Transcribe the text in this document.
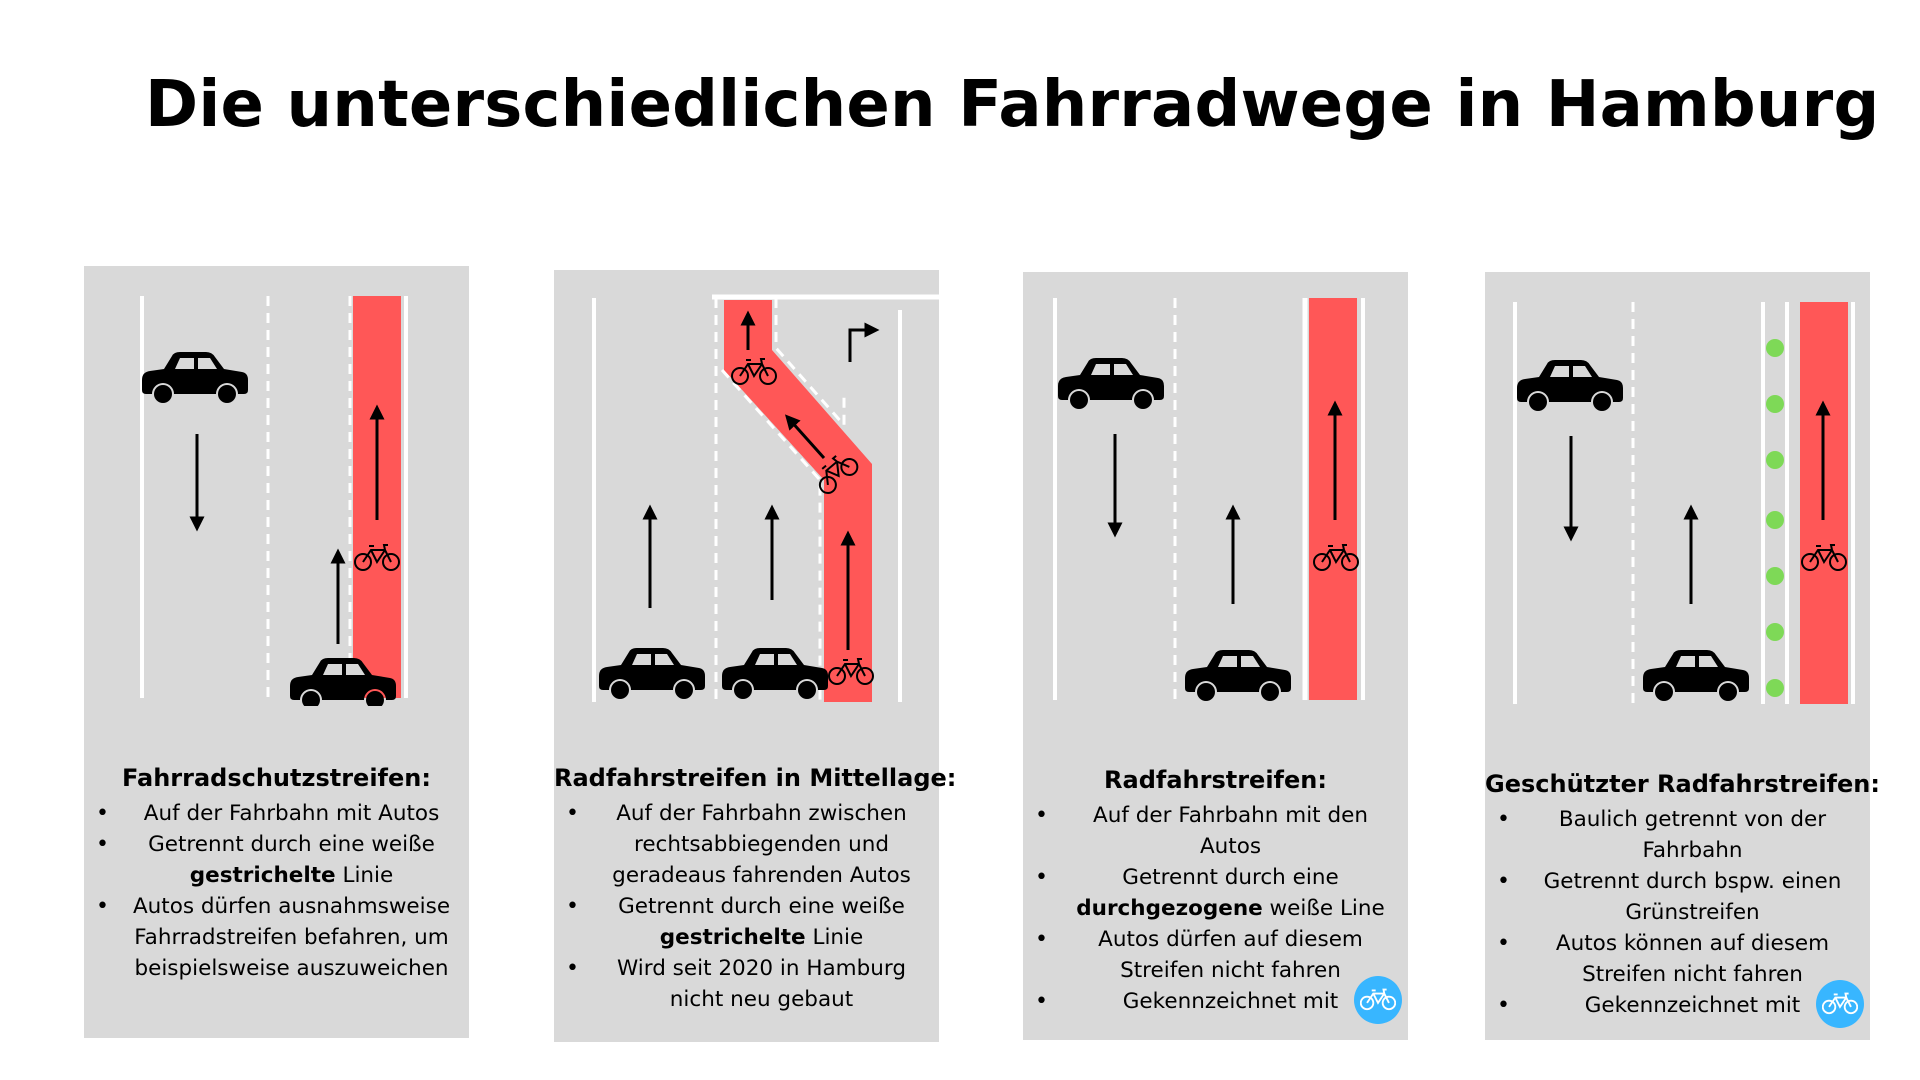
Die unterschiedlichen Fahrradwege in Hamburg
Fahrradschutzstreifen:
• Auf der Fahrbahn mit Autos
• Getrennt durch eine weiße gestrichelte Linie
• Autos dürfen ausnahmsweise Fahrradstreifen befahren, um beispielsweise auszuweichen
Radfahrstreifen in Mittellage:
• Auf der Fahrbahn zwischen rechtsabbiegenden und geradeaus fahrenden Autos
• Getrennt durch eine weiße gestrichelte Linie
• Wird seit 2020 in Hamburg nicht neu gebaut
Radfahrstreifen:
• Auf der Fahrbahn mit den Autos
• Getrennt durch eine durchgezogene weiße Line
• Autos dürfen auf diesem Streifen nicht fahren
• Gekennzeichnet mit
Geschützter Radfahrstreifen:
• Baulich getrennt von der Fahrbahn
• Getrennt durch bspw. einen Grünstreifen
• Autos können auf diesem Streifen nicht fahren
• Gekennzeichnet mit
